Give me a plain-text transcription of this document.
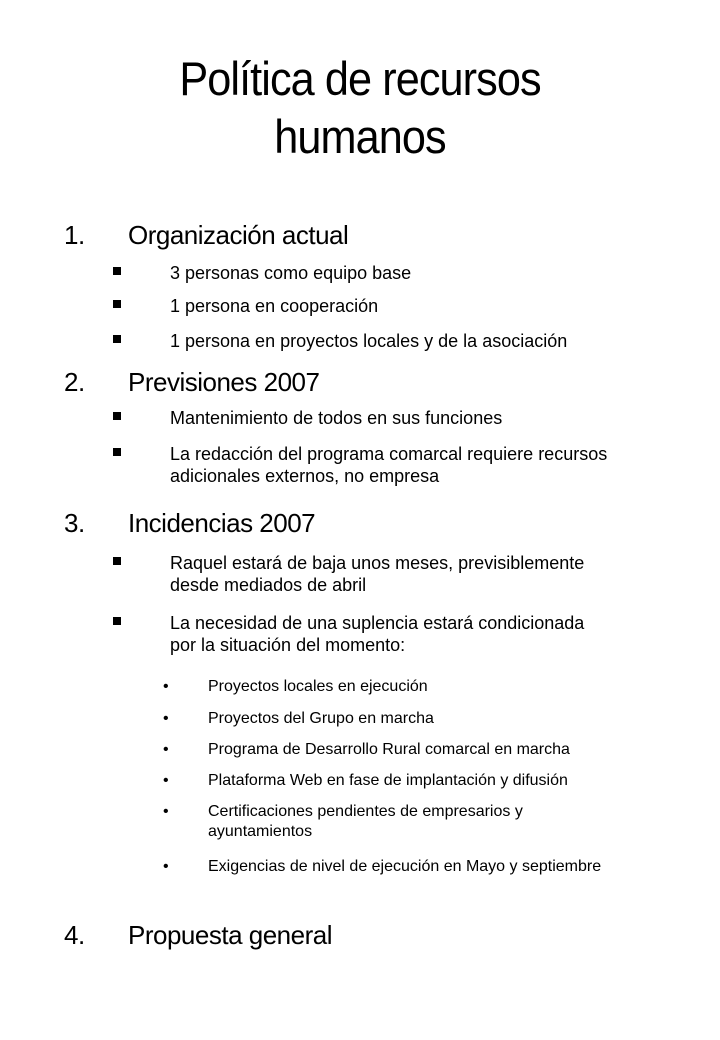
Política de recursos
humanos
1. Organización actual
3 personas como equipo base
1 persona en cooperación
1 persona en proyectos locales y de la asociación
2. Previsiones 2007
Mantenimiento de todos en sus funciones
La redacción del programa comarcal requiere recursos adicionales externos, no empresa
3. Incidencias 2007
Raquel estará de baja unos meses, previsiblemente desde mediados de abril
La necesidad de una suplencia estará condicionada por la situación del momento:
• Proyectos locales en ejecución
• Proyectos del Grupo en marcha
• Programa de Desarrollo Rural comarcal en marcha
• Plataforma Web en fase de implantación y difusión
• Certificaciones pendientes de empresarios y ayuntamientos
• Exigencias de nivel de ejecución en Mayo y septiembre
4. Propuesta general
